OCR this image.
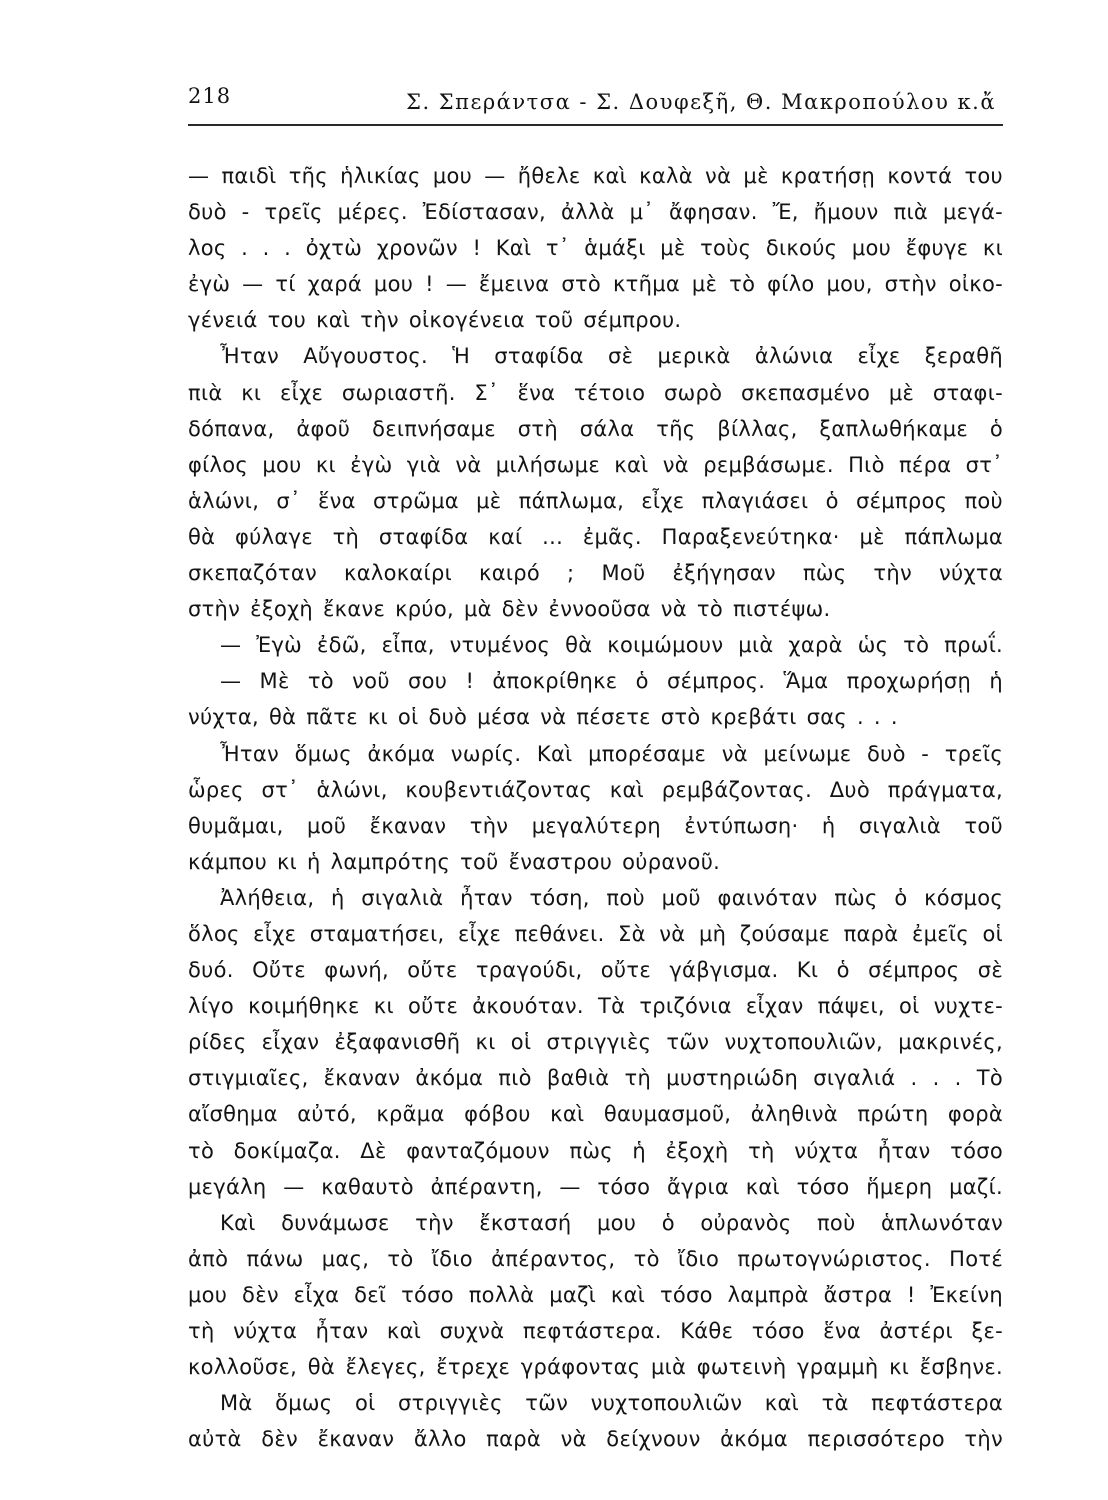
218	Σ. Σπεράντσα - Σ. Δουφεξῆ, Θ. Μακροπούλου κ.ἄ
— παιδὶ τῆς ἡλικίας μου — ἤθελε καὶ καλὰ νὰ μὲ κρατήσῃ κοντά του
δυὸ - τρεῖς μέρες. Ἐδίστασαν, ἀλλὰ μ᾽ ἄφησαν. Ἔ, ἤμουν πιὰ μεγά-
λος . . . ὀχτὼ χρονῶν ! Καὶ τ᾽ ἁμάξι μὲ τοὺς δικούς μου ἔφυγε κι
ἐγὼ — τί χαρά μου ! — ἔμεινα στὸ κτῆμα μὲ τὸ φίλο μου, στὴν οἰκο-
γένειά του καὶ τὴν οἰκογένεια τοῦ σέμπρου.
Ἦταν Αὔγουστος. Ἡ σταφίδα σὲ μερικὰ ἀλώνια εἶχε ξεραθῆ
πιὰ κι εἶχε σωριαστῆ. Σ᾽ ἕνα τέτοιο σωρὸ σκεπασμένο μὲ σταφι-
δόπανα, ἀφοῦ δειπνήσαμε στὴ σάλα τῆς βίλλας, ξαπλωθήκαμε ὁ
φίλος μου κι ἐγὼ γιὰ νὰ μιλήσωμε καὶ νὰ ρεμβάσωμε. Πιὸ πέρα στ᾽
ἁλώνι, σ᾽ ἕνα στρῶμα μὲ πάπλωμα, εἶχε πλαγιάσει ὁ σέμπρος ποὺ
θὰ φύλαγε τὴ σταφίδα καί ... ἐμᾶς. Παραξενεύτηκα· μὲ πάπλωμα
σκεπαζόταν καλοκαίρι καιρό ; Μοῦ ἐξήγησαν πὼς τὴν νύχτα
στὴν ἐξοχὴ ἔκανε κρύο, μὰ δὲν ἐννοοῦσα νὰ τὸ πιστέψω.
— Ἐγὼ ἐδῶ, εἶπα, ντυμένος θὰ κοιμώμουν μιὰ χαρὰ ὡς τὸ πρωΐ.
— Μὲ τὸ νοῦ σου ! ἀποκρίθηκε ὁ σέμπρος. Ἅμα προχωρήσῃ ἡ
νύχτα, θὰ πᾶτε κι οἱ δυὸ μέσα νὰ πέσετε στὸ κρεβάτι σας . . .
Ἦταν ὅμως ἀκόμα νωρίς. Καὶ μπορέσαμε νὰ μείνωμε δυὸ - τρεῖς
ὧρες στ᾽ ἁλώνι, κουβεντιάζοντας καὶ ρεμβάζοντας. Δυὸ πράγματα,
θυμᾶμαι, μοῦ ἔκαναν τὴν μεγαλύτερη ἐντύπωση· ἡ σιγαλιὰ τοῦ
κάμπου κι ἡ λαμπρότης τοῦ ἔναστρου οὐρανοῦ.
Ἀλήθεια, ἡ σιγαλιὰ ἦταν τόση, ποὺ μοῦ φαινόταν πὼς ὁ κόσμος
ὅλος εἶχε σταματήσει, εἶχε πεθάνει. Σὰ νὰ μὴ ζούσαμε παρὰ ἐμεῖς οἱ
δυό. Οὔτε φωνή, οὔτε τραγούδι, οὔτε γάβγισμα. Κι ὁ σέμπρος σὲ
λίγο κοιμήθηκε κι οὔτε ἀκουόταν. Τὰ τριζόνια εἶχαν πάψει, οἱ νυχτε-
ρίδες εἶχαν ἐξαφανισθῆ κι οἱ στριγγιὲς τῶν νυχτοπουλιῶν, μακρινές,
στιγμιαῖες, ἔκαναν ἀκόμα πιὸ βαθιὰ τὴ μυστηριώδη σιγαλιά . . . Τὸ
αἴσθημα αὐτό, κρᾶμα φόβου καὶ θαυμασμοῦ, ἀληθινὰ πρώτη φορὰ
τὸ δοκίμαζα. Δὲ φανταζόμουν πὼς ἡ ἐξοχὴ τὴ νύχτα ἦταν τόσο
μεγάλη — καθαυτὸ ἀπέραντη, — τόσο ἄγρια καὶ τόσο ἥμερη μαζί.
Καὶ δυνάμωσε τὴν ἔκστασή μου ὁ οὐρανὸς ποὺ ἁπλωνόταν
ἀπὸ πάνω μας, τὸ ἴδιο ἀπέραντος, τὸ ἴδιο πρωτογνώριστος. Ποτέ
μου δὲν εἶχα δεῖ τόσο πολλὰ μαζὶ καὶ τόσο λαμπρὰ ἄστρα ! Ἐκείνη
τὴ νύχτα ἦταν καὶ συχνὰ πεφτάστερα. Κάθε τόσο ἕνα ἀστέρι ξε-
κολλοῦσε, θὰ ἔλεγες, ἔτρεχε γράφοντας μιὰ φωτεινὴ γραμμὴ κι ἔσβηνε.
Μὰ ὅμως οἱ στριγγιὲς τῶν νυχτοπουλιῶν καὶ τὰ πεφτάστερα
αὐτὰ δὲν ἔκαναν ἄλλο παρὰ νὰ δείχνουν ἀκόμα περισσότερο τὴν
